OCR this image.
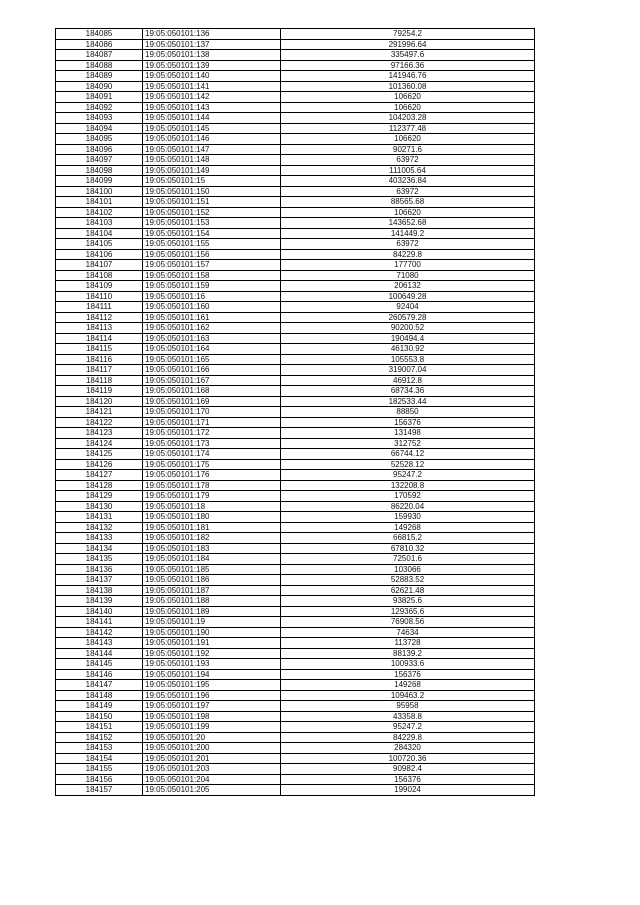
184085	19:05:050101:136	79254.2
184086	19:05:050101:137	291996.64
184087	19:05:050101:138	335497.6
184088	19:05:050101:139	97166.36
184089	19:05:050101:140	141946.76
184090	19:05:050101:141	101360.08
184091	19:05:050101:142	106620
184092	19:05:050101:143	106620
184093	19:05:050101:144	104203.28
184094	19:05:050101:145	112377.48
184095	19:05:050101:146	106620
184096	19:05:050101:147	90271.6
184097	19:05:050101:148	63972
184098	19:05:050101:149	111005.64
184099	19:05:050101:15	403236.84
184100	19:05:050101:150	63972
184101	19:05:050101:151	88565.68
184102	19:05:050101:152	106620
184103	19:05:050101:153	143652.68
184104	19:05:050101:154	141449.2
184105	19:05:050101:155	63972
184106	19:05:050101:156	84229.8
184107	19:05:050101:157	177700
184108	19:05:050101:158	71080
184109	19:05:050101:159	206132
184110	19:05:050101:16	100649.28
184111	19:05:050101:160	92404
184112	19:05:050101:161	260579.28
184113	19:05:050101:162	90200.52
184114	19:05:050101:163	190494.4
184115	19:05:050101:164	46130.92
184116	19:05:050101:165	105553.8
184117	19:05:050101:166	319007.04
184118	19:05:050101:167	46912.8
184119	19:05:050101:168	68734.36
184120	19:05:050101:169	182533.44
184121	19:05:050101:170	88850
184122	19:05:050101:171	156376
184123	19:05:050101:172	131498
184124	19:05:050101:173	312752
184125	19:05:050101:174	66744.12
184126	19:05:050101:175	52528.12
184127	19:05:050101:176	95247.2
184128	19:05:050101:178	132208.8
184129	19:05:050101:179	170592
184130	19:05:050101:18	86220.04
184131	19:05:050101:180	159930
184132	19:05:050101:181	149268
184133	19:05:050101:182	66815.2
184134	19:05:050101:183	67810.32
184135	19:05:050101:184	72501.6
184136	19:05:050101:185	103066
184137	19:05:050101:186	52883.52
184138	19:05:050101:187	62621.48
184139	19:05:050101:188	93825.6
184140	19:05:050101:189	129365.6
184141	19:05:050101:19	76908.56
184142	19:05:050101:190	74634
184143	19:05:050101:191	113728
184144	19:05:050101:192	88139.2
184145	19:05:050101:193	100933.6
184146	19:05:050101:194	156376
184147	19:05:050101:195	149268
184148	19:05:050101:196	109463.2
184149	19:05:050101:197	95958
184150	19:05:050101:198	43358.8
184151	19:05:050101:199	95247.2
184152	19:05:050101:20	84229.8
184153	19:05:050101:200	284320
184154	19:05:050101:201	100720.36
184155	19:05:050101:203	90982.4
184156	19:05:050101:204	156376
184157	19:05:050101:205	199024
